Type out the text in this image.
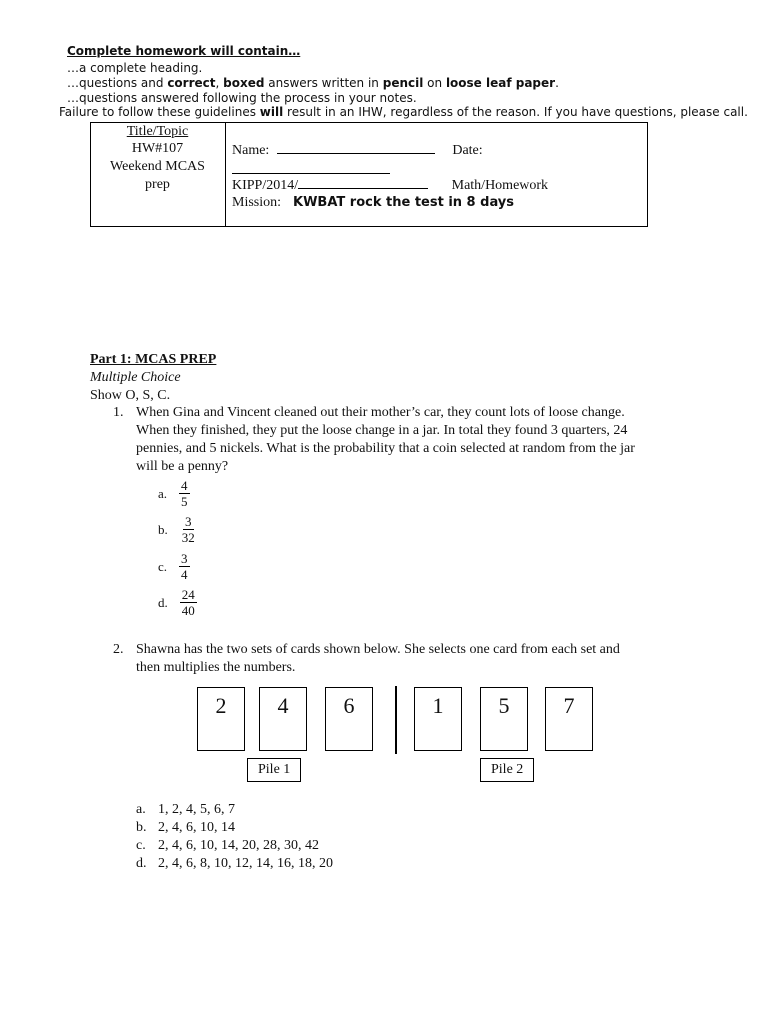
Complete homework will contain…
…a complete heading.
…questions and correct, boxed answers written in pencil on loose leaf paper.
…questions answered following the process in your notes.
Failure to follow these guidelines will result in an IHW, regardless of the reason. If you have questions, please call.
Title/Topic
HW#107
Weekend MCAS
prep
Name:	Date:
KIPP/2014/	Math/Homework
Mission: KWBAT rock the test in 8 days
Part 1: MCAS PREP
Multiple Choice
Show O, S, C.
1. When Gina and Vincent cleaned out their mother’s car, they count lots of loose change.
When they finished, they put the loose change in a jar. In total they found 3 quarters, 24
pennies, and 5 nickels. What is the probability that a coin selected at random from the jar
will be a penny?
a. $\frac{4}{5}$
b. $\frac{3}{32}$
c. $\frac{3}{4}$
d. $\frac{24}{40}$
2. Shawna has the two sets of cards shown below. She selects one card from each set and
then multiplies the numbers.
2	4	6	1	5	7
Pile 1	Pile 2
a. 1, 2, 4, 5, 6, 7
b. 2, 4, 6, 10, 14
c. 2, 4, 6, 10, 14, 20, 28, 30, 42
d. 2, 4, 6, 8, 10, 12, 14, 16, 18, 20
